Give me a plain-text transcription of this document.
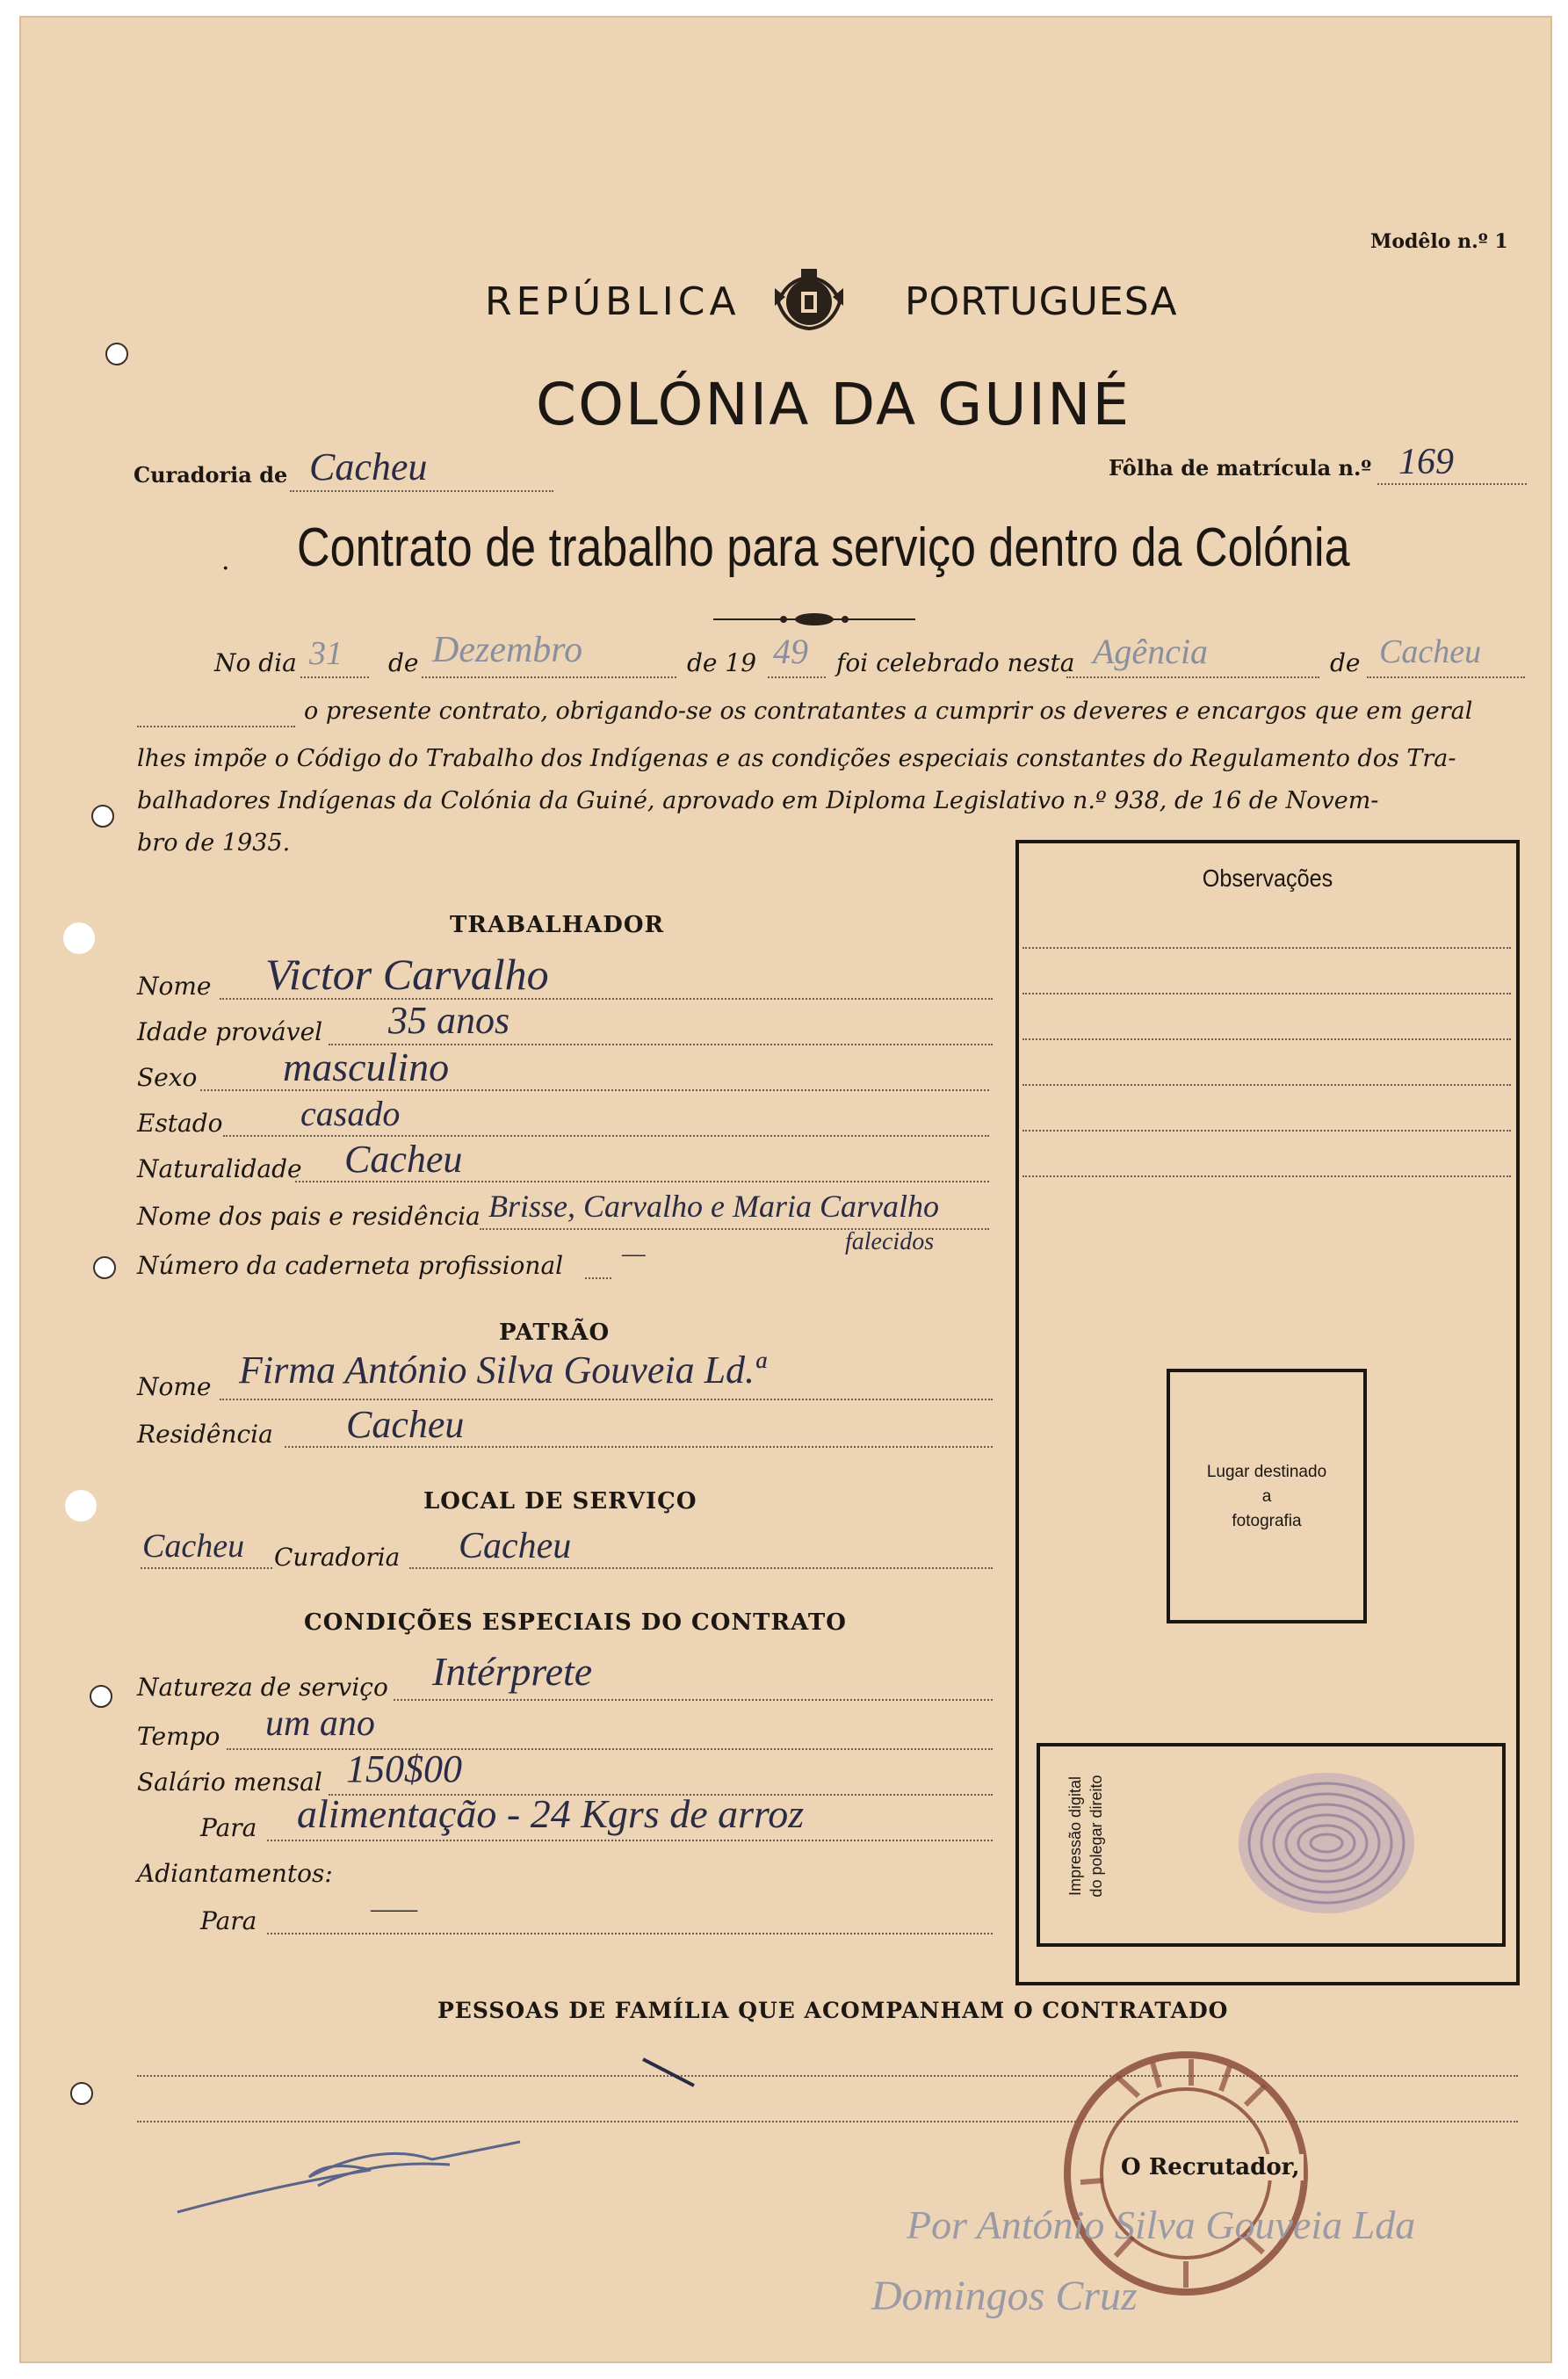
Modêlo n.º 1
REPÚBLICA	PORTUGUESA
COLÓNIA DA GUINÉ
Curadoria de Cacheu	Fôlha de matrícula n.º 169
Contrato de trabalho para serviço dentro da Colónia
·
No dia 31 de Dezembro	de 19 49 foi celebrado nesta Agência	de Cacheu
o presente contrato, obrigando-se os contratantes a cumprir os deveres e encargos que em geral
lhes impõe o Código do Trabalho dos Indígenas e as condições especiais constantes do Regulamento dos Tra-
balhadores Indígenas da Colónia da Guiné, aprovado em Diploma Legislativo n.º 938, de 16 de Novem-
bro de 1935.
TRABALHADOR
Nome Victor Carvalho
Idade provável 35 anos
Sexo masculino
Estado casado
Naturalidade Cacheu
Nome dos pais e residência Brisse, Carvalho e Maria Carvalho
falecidos
Número da caderneta profissional —
PATRÃO
Nome Firma António Silva Gouveia Ld.ª
Residência Cacheu
LOCAL DE SERVIÇO
Cacheu Curadoria Cacheu
CONDIÇÕES ESPECIAIS DO CONTRATO
Natureza de serviço Intérprete
Tempo um ano
Salário mensal 150$00
Para alimentação - 24 Kgrs de arroz
Adiantamentos:
Para	——
Observações
Lugar destinado
a
fotografia
Impressão digital do polegar direito
PESSOAS DE FAMÍLIA QUE ACOMPANHAM O CONTRATADO
O Recrutador,
Por António Silva Gouveia Lda
Domingos Cruz
